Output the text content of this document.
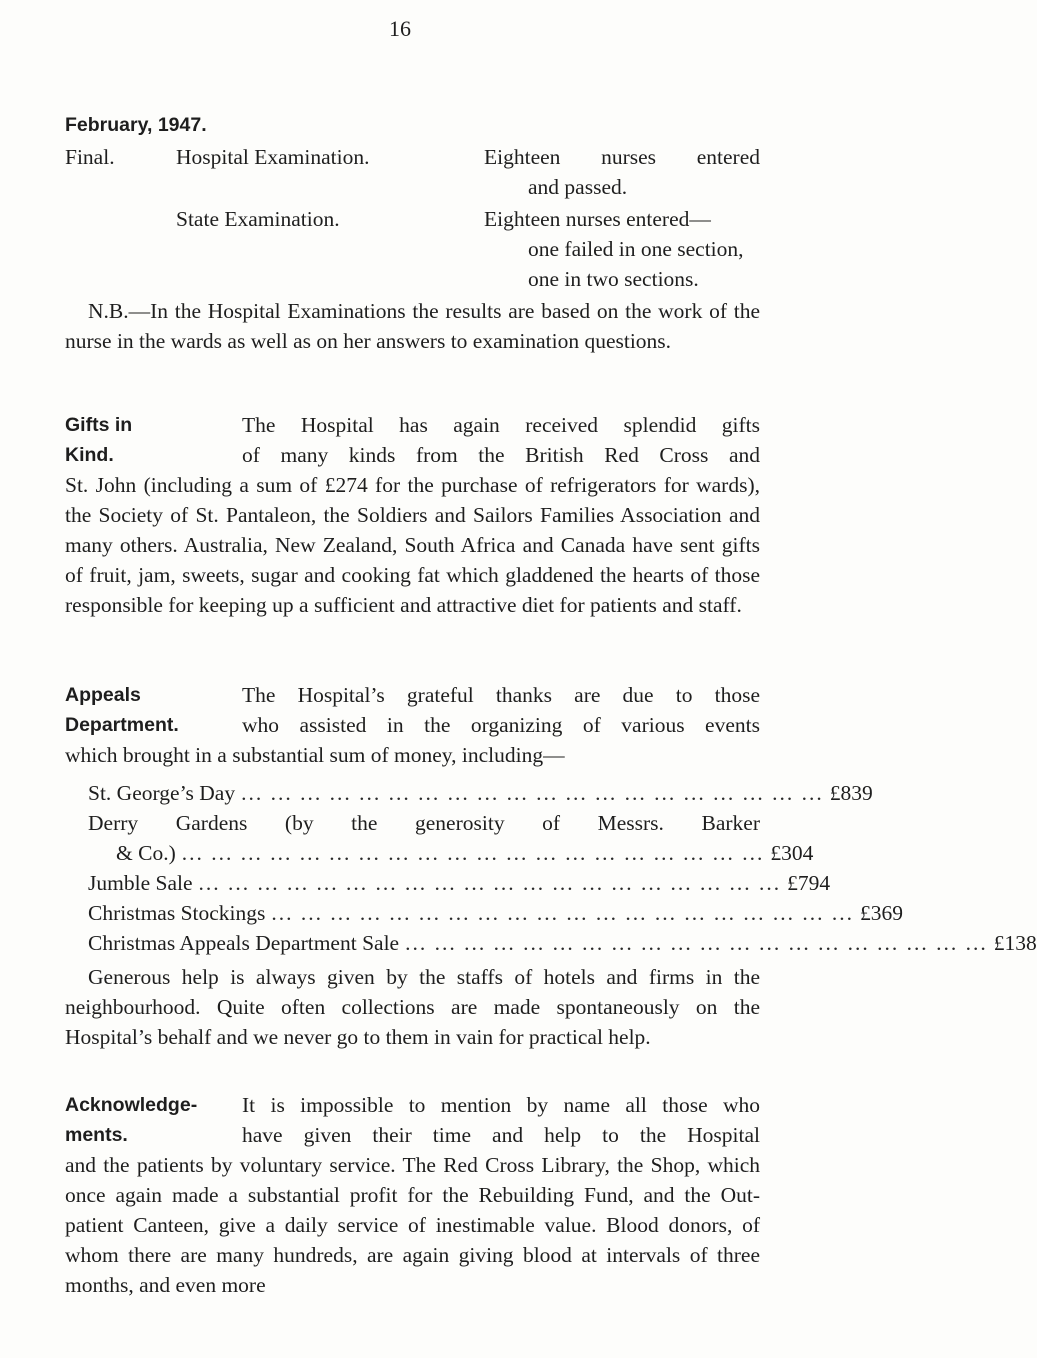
16
February, 1947.
Final.	Hospital Examination.	Eighteen nurses entered
and passed.
State Examination.	Eighteen nurses entered—
one failed in one section,
one in two sections.
N.B.—In the Hospital Examinations the results are based on the work of the nurse in the wards as well as on her answers to examination questions.
Gifts in
Kind.
The Hospital has again received splendid gifts
of many kinds from the British Red Cross and
St. John (including a sum of £274 for the purchase of refrigerators for wards), the Society of St. Pantaleon, the Soldiers and Sailors Families Association and many others. Australia, New Zealand, South Africa and Canada have sent gifts of fruit, jam, sweets, sugar and cooking fat which gladdened the hearts of those responsible for keeping up a sufficient and attractive diet for patients and staff.
Appeals
Department.
The Hospital’s grateful thanks are due to those
who assisted in the organizing of various events
which brought in a substantial sum of money, including—
St. George’s Day ... ... ... ... ... ... ... ... ... ... ... ... ... ... ... ... ... ... ... ... £839
Derry Gardens (by the generosity of Messrs. Barker
& Co.) ... ... ... ... ... ... ... ... ... ... ... ... ... ... ... ... ... ... ... ... £304
Jumble Sale ... ... ... ... ... ... ... ... ... ... ... ... ... ... ... ... ... ... ... ... £794
Christmas Stockings ... ... ... ... ... ... ... ... ... ... ... ... ... ... ... ... ... ... ... ... £369
Christmas Appeals Department Sale ... ... ... ... ... ... ... ... ... ... ... ... ... ... ... ... ... ... ... ... £138
Generous help is always given by the staffs of hotels and firms in the neighbourhood. Quite often collections are made spontaneously on the Hospital’s behalf and we never go to them in vain for practical help.
Acknowledge-
ments.
It is impossible to mention by name all those who
have given their time and help to the Hospital
and the patients by voluntary service. The Red Cross Library, the Shop, which once again made a substantial profit for the Rebuilding Fund, and the Out-patient Canteen, give a daily service of inestimable value. Blood donors, of whom there are many hundreds, are again giving blood at intervals of three months, and even more
